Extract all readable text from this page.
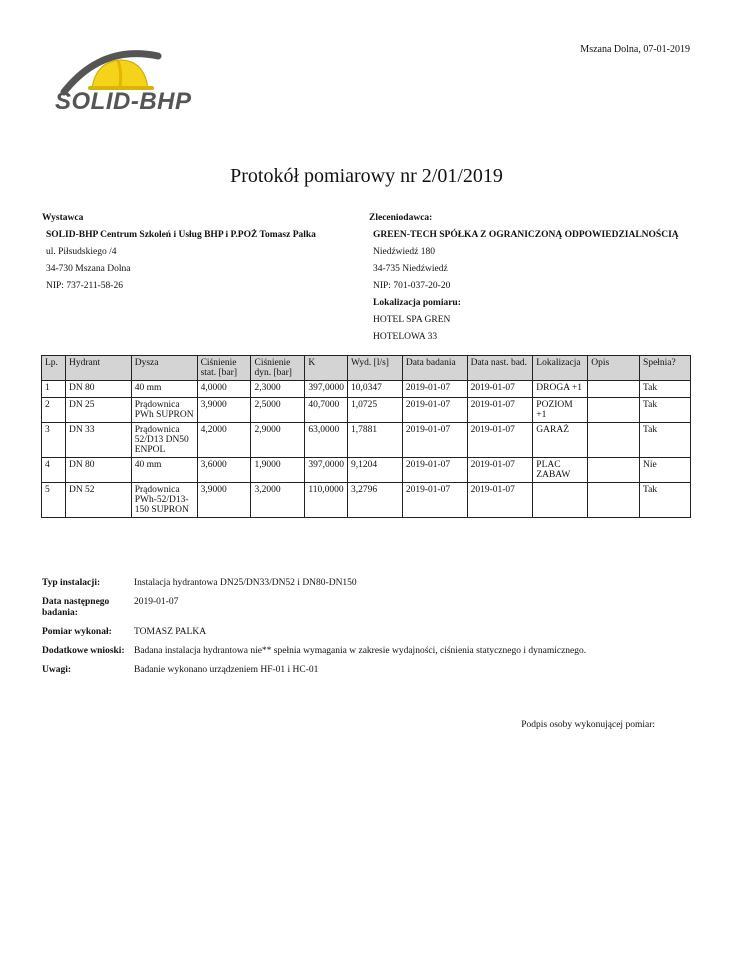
Mszana Dolna, 07-01-2019
SOLID-BHP
Protokół pomiarowy nr 2/01/2019
Wystawca
SOLID-BHP Centrum Szkoleń i Usług BHP i P.POŻ Tomasz Palka
ul. Piłsudskiego /4
34-730 Mszana Dolna
NIP: 737-211-58-26
Zleceniodawca:
GREEN-TECH SPÓŁKA Z OGRANICZONĄ ODPOWIEDZIALNOŚCIĄ
Niedźwiedź 180
34-735 Niedźwiedź
NIP: 701-037-20-20
Lokalizacja pomiaru:
HOTEL SPA GREN
HOTELOWA 33
Lp.	Hydrant	Dysza	Ciśnienie stat. [bar]	Ciśnienie dyn. [bar]	K	Wyd. [l/s]	Data badania	Data nast. bad.	Lokalizacja	Opis	Spełnia?
1	DN 80	40 mm	4,0000	2,3000	397,0000	10,0347	2019-01-07	2019-01-07	DROGA +1		Tak
2	DN 25	Prądownica PWh SUPRON	3,9000	2,5000	40,7000	1,0725	2019-01-07	2019-01-07	POZIOM +1		Tak
3	DN 33	Prądownica 52/D13 DN50 ENPOL	4,2000	2,9000	63,0000	1,7881	2019-01-07	2019-01-07	GARAŻ		Tak
4	DN 80	40 mm	3,6000	1,9000	397,0000	9,1204	2019-01-07	2019-01-07	PLAC ZABAW		Nie
5	DN 52	Prądownica PWh-52/D13-150 SUPRON	3,9000	3,2000	110,0000	3,2796	2019-01-07	2019-01-07			Tak
Typ instalacji:	Instalacja hydrantowa DN25/DN33/DN52 i DN80-DN150
Data następnego badania:
2019-01-07
Pomiar wykonał:	TOMASZ PALKA
Dodatkowe wnioski: Badana instalacja hydrantowa nie** spełnia wymagania w zakresie wydajności, ciśnienia statycznego i dynamicznego.
Uwagi:	Badanie wykonano urządzeniem HF-01 i HC-01
Podpis osoby wykonującej pomiar:
